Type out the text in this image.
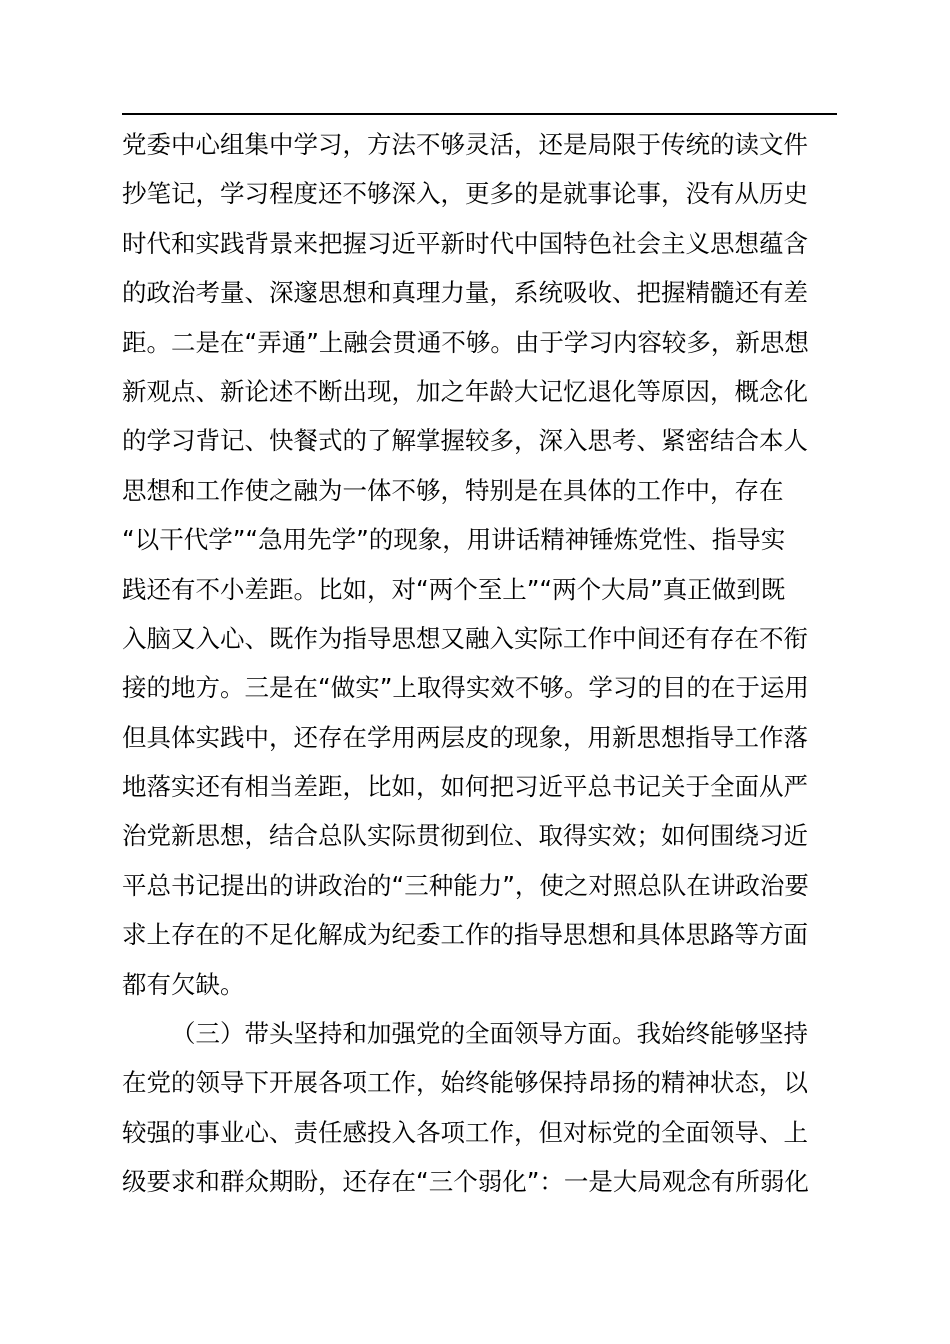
党委中心组集中学习，方法不够灵活，还是局限于传统的读文件
抄笔记，学习程度还不够深入，更多的是就事论事，没有从历史
时代和实践背景来把握习近平新时代中国特色社会主义思想蕴含
的政治考量、深邃思想和真理力量，系统吸收、把握精髓还有差
距。二是在“弄通”上融会贯通不够。由于学习内容较多，新思想
新观点、新论述不断出现，加之年龄大记忆退化等原因，概念化
的学习背记、快餐式的了解掌握较多，深入思考、紧密结合本人
思想和工作使之融为一体不够，特别是在具体的工作中，存在
“以干代学”“急用先学”的现象，用讲话精神锤炼党性、指导实
践还有不小差距。比如，对“两个至上”“两个大局”真正做到既
入脑又入心、既作为指导思想又融入实际工作中间还有存在不衔
接的地方。三是在“做实”上取得实效不够。学习的目的在于运用
但具体实践中，还存在学用两层皮的现象，用新思想指导工作落
地落实还有相当差距，比如，如何把习近平总书记关于全面从严
治党新思想，结合总队实际贯彻到位、取得实效；如何围绕习近
平总书记提出的讲政治的“三种能力”，使之对照总队在讲政治要
求上存在的不足化解成为纪委工作的指导思想和具体思路等方面
都有欠缺。
（三）带头坚持和加强党的全面领导方面。我始终能够坚持
在党的领导下开展各项工作，始终能够保持昂扬的精神状态，以
较强的事业心、责任感投入各项工作，但对标党的全面领导、上
级要求和群众期盼，还存在“三个弱化”：一是大局观念有所弱化
